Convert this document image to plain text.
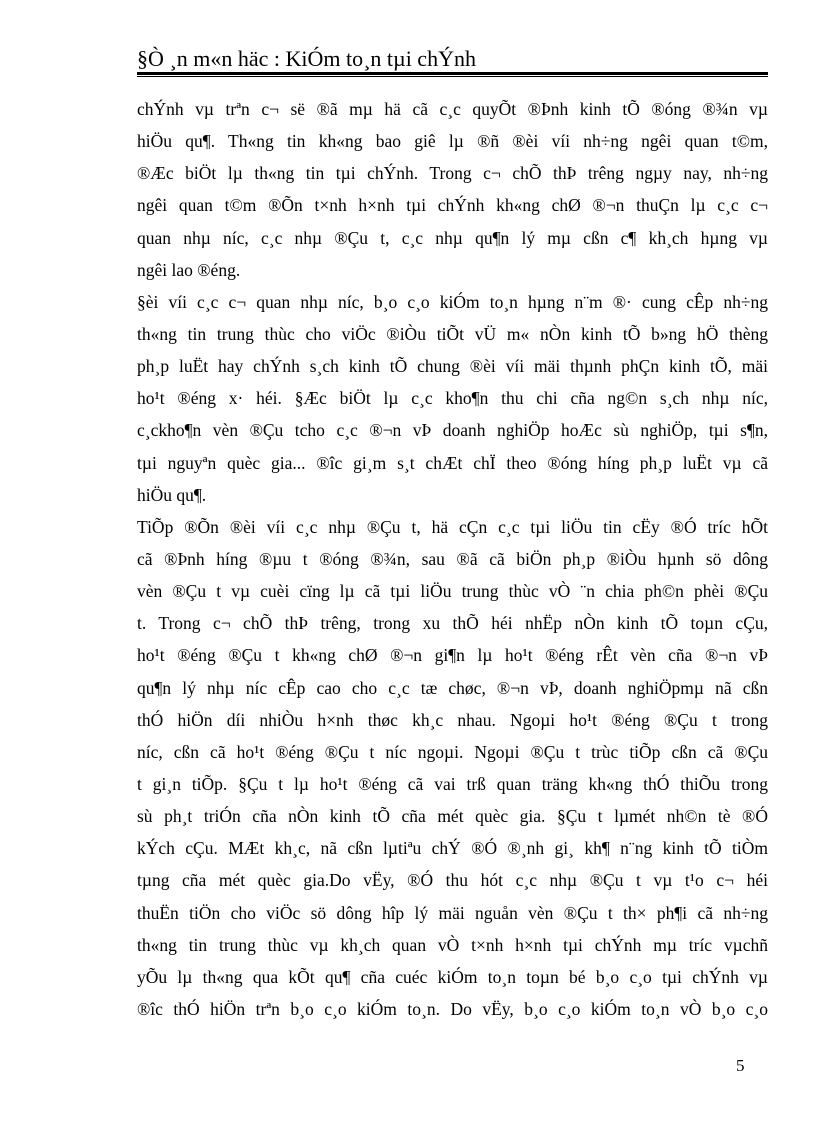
§Ò ¸n m«n häc : KiÓm to¸n tµi chÝnh
chÝnh vµ trªn c¬ së ®ã mµ hä cã c¸c quyÕt ®Þnh kinh tÕ ®óng ®¾n vµ
hiÖu qu¶. Th«ng tin kh«ng bao giê lµ ®ñ ®èi víi nh÷ng ngêi quan t©m,
®Æc biÖt lµ th«ng tin tµi chÝnh. Trong c¬ chÕ thÞ trêng ngµy nay, nh÷ng
ngêi quan t©m ®Õn t×nh h×nh tµi chÝnh kh«ng chØ ®¬n thuÇn lµ c¸c c¬
quan nhµ níc, c¸c nhµ ®Çu t, c¸c nhµ qu¶n lý mµ cßn c¶ kh¸ch hµng vµ
ngêi lao ®éng.
§èi víi c¸c c¬ quan nhµ níc, b¸o c¸o kiÓm to¸n hµng n¨m ®· cung cÊp nh÷ng
th«ng tin trung thùc cho viÖc ®iÒu tiÕt vÜ m« nÒn kinh tÕ b»ng hÖ thèng
ph¸p luËt hay chÝnh s¸ch kinh tÕ chung ®èi víi mäi thµnh phÇn kinh tÕ, mäi
ho¹t ®éng x· héi. §Æc biÖt lµ c¸c kho¶n thu chi cña ng©n s¸ch nhµ níc,
c¸ckho¶n vèn ®Çu tcho c¸c ®¬n vÞ doanh nghiÖp hoÆc sù nghiÖp, tµi s¶n,
tµi nguyªn quèc gia... ®îc gi¸m s¸t chÆt chÏ theo ®óng híng ph¸p luËt vµ cã
hiÖu qu¶.
TiÕp ®Õn ®èi víi c¸c nhµ ®Çu t, hä cÇn c¸c tµi liÖu tin cËy ®Ó tríc hÕt
cã ®Þnh híng ®µu t ®óng ®¾n, sau ®ã cã biÖn ph¸p ®iÒu hµnh sö dông
vèn ®Çu t vµ cuèi cïng lµ cã tµi liÖu trung thùc vÒ ¨n chia ph©n phèi ®Çu
t. Trong c¬ chÕ thÞ trêng, trong xu thÕ héi nhËp nÒn kinh tÕ toµn cÇu,
ho¹t ®éng ®Çu t kh«ng chØ ®¬n gi¶n lµ ho¹t ®éng rÊt vèn cña ®¬n vÞ
qu¶n lý nhµ níc cÊp cao cho c¸c tæ chøc, ®¬n vÞ, doanh nghiÖpmµ nã cßn
thÓ hiÖn díi nhiÒu h×nh thøc kh¸c nhau. Ngoµi ho¹t ®éng ®Çu t trong
níc, cßn cã ho¹t ®éng ®Çu t níc ngoµi. Ngoµi ®Çu t trùc tiÕp cßn cã ®Çu
t gi¸n tiÕp. §Çu t lµ ho¹t ®éng cã vai trß quan träng kh«ng thÓ thiÕu trong
sù ph¸t triÓn cña nÒn kinh tÕ cña mét quèc gia. §Çu t lµmét nh©n tè ®Ó
kÝch cÇu. MÆt kh¸c, nã cßn lµtiªu chÝ ®Ó ®¸nh gi¸ kh¶ n¨ng kinh tÕ tiÒm
tµng cña mét quèc gia.Do vËy, ®Ó thu hót c¸c nhµ ®Çu t vµ t¹o c¬ héi
thuËn tiÖn cho viÖc sö dông hîp lý mäi nguån vèn ®Çu t th× ph¶i cã nh÷ng
th«ng tin trung thùc vµ kh¸ch quan vÒ t×nh h×nh tµi chÝnh mµ tríc vµchñ
yÕu lµ th«ng qua kÕt qu¶ cña cuéc kiÓm to¸n toµn bé b¸o c¸o tµi chÝnh vµ
®îc thÓ hiÖn trªn b¸o c¸o kiÓm to¸n. Do vËy, b¸o c¸o kiÓm to¸n vÒ b¸o c¸o
5
